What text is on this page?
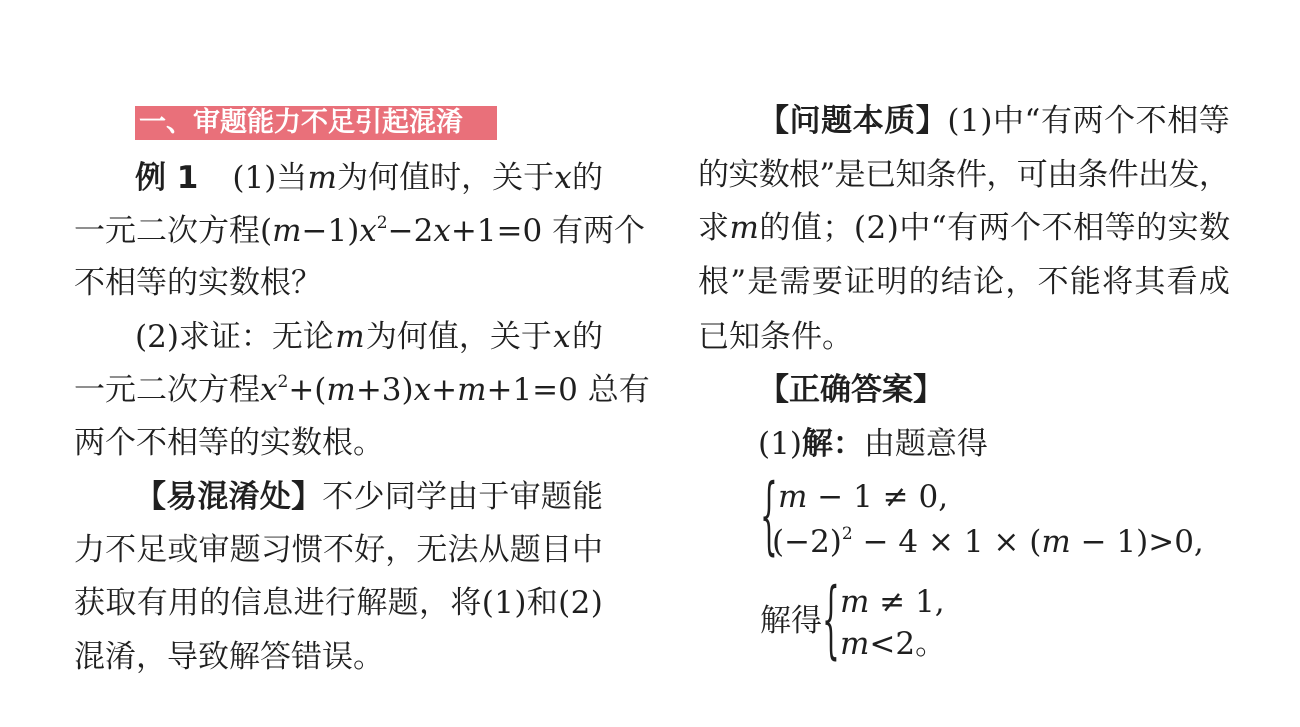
一、审题能力不足引起混淆
例 1 (1)当 m 为何值时，关于 x 的
一元二次方程( $m-1)x^2-2x+1=0$ 有两个
不相等的实数根？
(2)求证：无论 m 为何值，关于 x 的
一元二次方程 $x^2+(m+3)x+m+1=0$ 总有
两个不相等的实数根。
【易混淆处】不少同学由于审题能
力不足或审题习惯不好，无法从题目中
获取有用的信息进行解题，将(1)和(2)
混淆，导致解答错误。
【问题本质】(1)中“有两个不相等
的实数根”是已知条件，可由条件出发，
求m的值；(2)中“有两个不相等的实数
根”是需要证明的结论，不能将其看成
已知条件。
【正确答案】
(1)解：由题意得
{ m − 1 ≠ 0,
$(-2)^2 - 4 \times 1 \times (m - 1)>0$,
解得 { m ≠ 1,
m<2。
